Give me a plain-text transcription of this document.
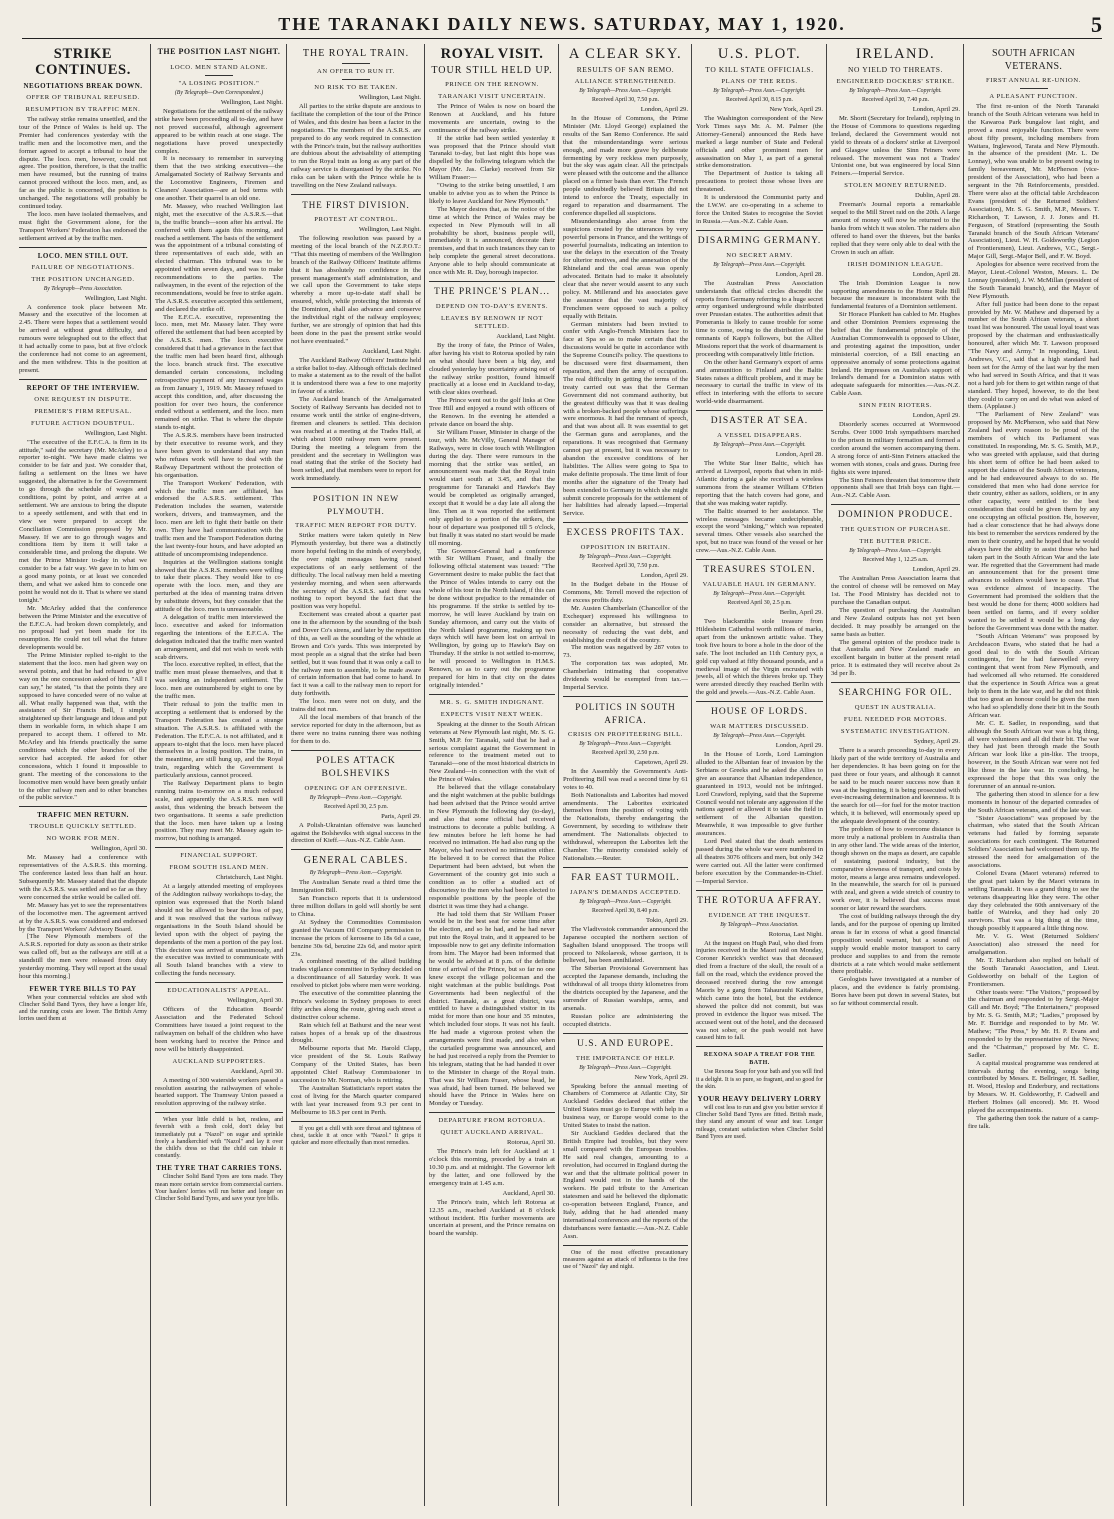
THE TARANAKI DAILY NEWS. SATURDAY, MAY 1, 1920.	5
STRIKE CONTINUES.
NEGOTIATIONS BREAK DOWN.
OFFER OF TRIBUNAL REFUSED.
RESUMPTION BY TRAFFIC MEN.

The railway strike remains unsettled, and the tour of the Prince of Wales is held up. The Premier had conferences yesterday with the traffic men and the locomotive men, and the former agreed to accept a tribunal to hear the dispute. The loco. men, however, could not agree. The position, therefore, is that the traffic men have resumed, but the running of trains cannot proceed without the loco. men, and, as far as the public is concerned, the position is unchanged. The negotiations will probably be continued today.

The loco. men have isolated themselves, and must fight the Government alone, for the Transport Workers' Federation has endorsed the settlement arrived at by the traffic men.

LOCO. MEN STILL OUT.
FAILURE OF NEGOTIATIONS.
THE POSITION UNCHANGED.
By Telegraph—Press Association.
Wellington, Last Night.

A conference took place between Mr. Massey and the executive of the locomen at 2.45. There were hopes that a settlement would be arrived at without great difficulty, and rumours were telegraphed out to the effect that it had actually come to pass, but at five o'clock the conference had not come to an agreement, and the men withdrew. This is the position at present.

REPORT OF THE INTERVIEW.
ONE REQUEST IN DISPUTE.
PREMIER'S FIRM REFUSAL.
FUTURE ACTION DOUBTFUL.
Wellington, Last Night.

"The executive of the E.F.C.A. is firm in its attitude," said the secretary (Mr. McArley) to a reporter to-night. "We have made claims we consider to be fair and just. We consider that, failing a settlement on the lines we have suggested, the alternative is for the Government to go through the schedule of wages and conditions, point by point, and arrive at a settlement. We are anxious to bring the dispute to a speedy settlement, and with that end in view we were prepared to accept the Conciliation Commission proposed by Mr. Massey. If we are to go through wages and conditions item by item it will take a considerable time, and prolong the dispute. We met the Prime Minister to-day in what we consider to be a fair way. We gave in to him on a good many points, or at least we conceded them, and what we asked him to concede one point he would not do it. That is where we stand tonight."

Mr. McArley added that the conference between the Prime Minister and the executive of the E.F.C.A. had broken down completely, and no proposal had yet been made for its resumption. He could not tell what the future developments would be.

The Prime Minister replied to-night to the statement that the loco. men had given way on several points, and that he had refused to give way on the one concession asked of him. "All I can say," he stated, "is that the points they are supposed to have conceded were of no value at all. What really happened was that, with the assistance of Sir Francis Bell, I simply straightened up their language and ideas and put them in workable form, in which shape I am prepared to accept them. I offered to Mr. McArley and his friends practically the same conditions which the other branches of the service had accepted. He asked for other concessions, which I found it impossible to grant. The meeting of the concessions to the locomotive men would have been greatly unfair to the other railway men and to other branches of the public service."

TRAFFIC MEN RETURN.
TROUBLE QUICKLY SETTLED.
NO WORK FOR MEN.
Wellington, April 30.

Mr. Massey had a conference with representatives of the A.S.R.S. this morning. The conference lasted less than half an hour. Subsequently Mr. Massey stated that the dispute with the A.S.R.S. was settled and so far as they were concerned the strike would be called off.

Mr. Massey has yet to see the representatives of the locomotive men. The agreement arrived at by the A.S.R.S. was considered and endorsed by the Transport Workers' Advisory Board.

[The New Plymouth members of the A.S.R.S. reported for duty as soon as their strike was called off, but as the railways are still at a standstill the men were released from duty yesterday morning. They will report at the usual hour this morning.]

FEWER TYRE BILLS TO PAY

When your commercial vehicles are shod with Clincher Solid Band Tyres, they have a longer life, and the running costs are lower. The British Army lorries used them at

THE POSITION LAST NIGHT.
LOCO. MEN STAND ALONE.
"A LOSING POSITION."
(By Telegraph—Own Correspondent.)
Wellington, Last Night.

Negotiations for the settlement of the railway strike have been proceeding all to-day, and have not proved successful, although agreement appeared to be within reach at one stage. The negotiations have proved unexpectedly complex.

It is necessary to remember in surveying them that the two striking executives—the Amalgamated Society of Railway Servants and the Locomotive Engineers, Firemen and Cleaners' Association—are at bed terms with one another. Their quarrel is an old one.

Mr. Massey, who reached Wellington last night, met the executive of the A.S.R.S.—that is, the traffic branch—soon after his arrival. He conferred with them again this morning, and reached a settlement. The basis of the settlement was the appointment of a tribunal consisting of three representatives of each side, with an elected chairman. This tribunal was to be appointed within seven days, and was to make recommendations to the parties. The railwaymen, in the event of the rejection of the recommendations, would be free to strike again. The A.S.R.S. executive accepted this settlement, and declared the strike off.

The E.F.C.A. executive, representing the loco. men, met Mr. Massey later. They were offered the settlement that had been accepted by the A.S.R.S. men. The loco. executive considered that it had a grievance in the fact that the traffic men had been heard first, although the loco. branch struck first. The executive demanded certain concessions, including retrospective payment of any increased wages as from January 1, 1919. Mr. Massey refused to accept this condition, and, after discussing the position for over two hours, the conference ended without a settlement, and the loco. men remained on strike. That is where the dispute stands to-night.

The A.S.R.S. members have been instructed by their executive to resume work, and they have been given to understand that any man who refuses work will have to deal with the Railway Department without the protection of his organisation.

The Transport Workers' Federation, with which the traffic men are affiliated, has endorsed the A.S.R.S. settlement. This Federation includes the seamen, waterside workers, drivers, and tramwaymen, and the loco. men are left to fight their battle on their own. They have had communication with the traffic men and the Transport Federation during the last twenty-four hours, and have adopted an attitude of uncompromising independence.

Inquiries at the Wellington stations tonight showed that the A.S.R.S. members were willing to take their places. They would like to co-operate with the loco. men, and they are perturbed at the idea of manning trains driven by substitute drivers, but they consider that the attitude of the loco. men is unreasonable.

A delegation of traffic men interviewed the loco. executive and asked for information regarding the intentions of the E.F.C.A. The delegation indicated that the traffic men wanted an arrangement, and did not wish to work with scab drivers.

The loco. executive replied, in effect, that the traffic men must please themselves, and that it was seeking an independent settlement. The loco. men are outnumbered by eight to one by the traffic men.

Their refusal to join the traffic men in accepting a settlement that is endorsed by the Transport Federation has created a strange situation. The A.S.R.S. is affiliated with the Federation. The E.F.C.A. is not affiliated, and it appears to-night that the loco. men have placed themselves in a losing position. The trains, in the meantime, are still hung up, and the Royal train, regarding which the Government is particularly anxious, cannot proceed.

The Railway Department plans to begin running trains to-morrow on a much reduced scale, and apparently the A.S.R.S. men will assist, thus widening the breach between the two organisations. It seems a safe prediction that the loco. men have taken up a losing position. They may meet Mr. Massey again to-morrow, but nothing is arranged.

FINANCIAL SUPPORT.
FROM SOUTH ISLAND MEN.
Christchurch, Last Night.

At a largely attended meeting of employees of the Addington railway workshops to-day, the opinion was expressed that the North Island should not be allowed to bear the loss of pay, and it was resolved that the various railway organisations in the South Island should be levied upon with the object of paying the dependants of the men a portion of the pay lost. This decision was arrived at unanimously, and the executive was invited to communicate with all South Island branches with a view to collecting the funds necessary.

EDUCATIONALISTS' APPEAL.
Wellington, April 30.

Officers of the Education Boards' Association and the Federated School Committees have issued a joint request to the railwaymen on behalf of the children who have been working hard to receive the Prince and now will be bitterly disappointed.

AUCKLAND SUPPORTERS.
Auckland, April 30.

A meeting of 300 waterside workers passed a resolution assuring the railwaymen of whole-hearted support. The Tramway Union passed a resolution approving of the railway strike.

When your little child is hot, restless, and feverish with a fresh cold, don't delay but immediately put a "Nazol" on sugar and sprinkle freely a handkerchief with "Nazol" and lay it over the child's dress so that the child can inhale it constantly.

THE TYRE THAT CARRIES TONS.

Clincher Solid Band Tyres are tons made. They mean more certain service from commercial carriers. Your haulers' lorries will run better and longer on Clincher Solid Band Tyres, and save your tyre bills.

THE ROYAL TRAIN.
AN OFFER TO RUN IT.
NO RISK TO BE TAKEN.
Wellington, Last Night.

All parties to the strike dispute are anxious to facilitate the completion of the tour of the Prince of Wales, and this desire has been a factor in the negotiations. The members of the A.S.R.S. are prepared to do any work required in connection with the Prince's train, but the railway authorities are dubious about the advisability of attempting to run the Royal train as long as any part of the railway service is disorganised by the strike. No risks can be taken with the Prince while he is travelling on the New Zealand railways.

THE FIRST DIVISION.
PROTEST AT CONTROL.
Wellington, Last Night.

The following resolution was passed by a meeting of the local branch of the N.Z.P.O.T.: "That this meeting of members of the Wellington branch of the Railway Officers' Institute affirms that it has absolutely no confidence in the present management's staff administration, and we call upon the Government to take steps whereby a more up-to-date staff shall be ensured, which, while protecting the interests of the Dominion, shall also advance and conserve the individual right of the railway employees; further, we are strongly of opinion that had this been done in the past the present strike would not have eventuated."

Auckland, Last Night.

The Auckland Railway Officers' Institute held a strike ballot to-day. Although officials declined to make a statement as to the result of the ballot it is understood there was a few to one majority in favour of a strike.

The Auckland branch of the Amalgamated Society of Railway Servants has decided not to resume work until the strike of engine-drivers, firemen and cleaners is settled. This decision was reached at a meeting at the Trades Hall, at which about 1000 railway men were present. During the meeting a telegram from the president and the secretary in Wellington was read stating that the strike of the Society had been settled, and that members were to report for work immediately.

POSITION IN NEW PLYMOUTH.
TRAFFIC MEN REPORT FOR DUTY.

Strike matters were taken quietly in New Plymouth yesterday, but there was a distinctly more hopeful feeling in the minds of everybody, the over night messages having raised expectations of an early settlement of the difficulty. The local railway men held a meeting yesterday morning, and when seen afterwards the secretary of the A.S.R.S. said there was nothing to report beyond the fact that the position was very hopeful.

Excitement was created about a quarter past one in the afternoon by the sounding of the bush and Dover Co's sirens, and later by the repetition of this, as well as the sounding of the whistle at Brown and Co's yards. This was interpreted by most people as a signal that the strike had been settled, but it was found that it was only a call to the railway men to assemble, to be made aware of certain information that had come to hand. In fact it was a call to the railway men to report for duty forthwith.

The loco. men were not on duty, and the trains did not run.

All the local members of that branch of the service reported for duty in the afternoon, but as there were no trains running there was nothing for them to do.

POLES ATTACK BOLSHEVIKS
OPENING OF AN OFFENSIVE.
By Telegraph—Press Assn.—Copyright.
Received April 30, 2.5 p.m.
Paris, April 29.

A Polish-Ukrainian offensive was launched against the Bolsheviks with signal success in the direction of Kieff.—Aus.-N.Z. Cable Assn.

GENERAL CABLES.
By Telegraph—Press Assn.—Copyright.

The Australian Senate read a third time the Immigration Bill.

San Francisco reports that it is understood three million dollars in gold will shortly be sent to China.

At Sydney the Commodities Commission granted the Vacuum Oil Company permission to increase the prices of kerosene to 18s 6d a case, benzine 30s 6d, benzine 22s 6d, and motor spirit 23s.

A combined meeting of the allied building trades vigilance committee in Sydney decided on a discontinuance of all Saturday work. It was resolved to picket jobs where men were working.

The executive of the committee planning the Prince's welcome in Sydney proposes to erect fifty arches along the route, giving each street a distinctive colour scheme.

Rain which fell at Bathurst and the near west raises hopes of a break up of the disastrous drought.

Melbourne reports that Mr. Harold Clapp, vice president of the St. Louis Railway Company of the United States, has been appointed Chief Railway Commissioner in succession to Mr. Norman, who is retiring.

The Australian Statistician's report states the cost of living for the March quarter compared with last year increased from 9.3 per cent in Melbourne to 18.3 per cent in Perth.

If you get a chill with sore throat and tightness of chest, tackle it at once with "Nazol." It grips it quicker and more effectually than most remedies.

ROYAL VISIT.
TOUR STILL HELD UP.
PRINCE ON THE RENOWN.
TARANAKI VISIT UNCERTAIN.

The Prince of Wales is now on board the Renown at Auckland, and his future movements are uncertain, owing to the continuance of the railway strike.

If the strike had been settled yesterday it was proposed that the Prince should visit Taranaki to-day, but last night this hope was dispelled by the following telegram which the Mayor (Mr. Jas. Clarke) received from Sir William Fraser:—

"Owing to the strike being unsettled, I am unable to advise you as to when the Prince is likely to leave Auckland for New Plymouth."

The Mayor desires that, as the notice of the time at which the Prince of Wales may be expected in New Plymouth will in all probability be short, business people will, immediately it is announced, decorate their premises, and that in such instances they can to help complete the general street decorations. Anyone able to help should communicate at once with Mr. R. Day, borough inspector.

THE PRINCE'S PLAN...
DEPEND ON TO-DAY'S EVENTS.
LEAVES BY RENOWN IF NOT SETTLED.
Auckland, Last Night.

By the irony of fate, the Prince of Wales, after having his visit to Rotorua spoiled by rain on what should have been a big day, and clouded yesterday by uncertainty arising out of the railway strike position, found himself practically at a loose end in Auckland to-day, with clear skies overhead.

The Prince went out to the golf links at One Tree Hill and enjoyed a round with officers of the Renown. In the evening he attended a private dance on board the ship.

Sir William Fraser, Minister in charge of the tour, with Mr. McVilly, General Manager of Railways, were in close touch with Wellington during the day. There were rumours in the morning that the strike was settled, an announcement was made that the Royal train would start south at 3.45, and that the programme for Taranaki and Hawke's Bay would be completed as originally arranged, except that it would be a day late all along the line. Then as it was reported the settlement only applied to a portion of the strikers, the hour of departure was postponed till 5 o'clock, but finally it was stated no start would be made till morning.

The Governor-General had a conference with Sir William Fraser, and finally the following official statement was issued: "The Government desire to make public the fact that the Prince of Wales intends to carry out the whole of his tour in the North Island, if this can be done without prejudice to the remainder of his programme. If the strike is settled by to-morrow, he will leave Auckland by train on Sunday afternoon, and carry out the visits of the North Island programme, making up two days which will have been lost on arrival in Wellington, by going up to Hawke's Bay on Thursday. If the strike is not settled to-morrow, he will proceed to Wellington in H.M.S. Renown, so as to carry out the programme prepared for him in that city on the dates originally intended."

MR. S. G. SMITH INDIGNANT.
EXPECTS VISIT NEXT WEEK.

Speaking at the dinner to the South African veterans at New Plymouth last night, Mr. S. G. Smith, M.P. for Taranaki, said that he had a serious complaint against the Government in reference to the treatment meted out to Taranaki—one of the most historical districts in New Zealand—in connection with the visit of the Prince of Wales.

He believed that the village constabulary and the night watchmen at the public buildings had been advised that the Prince would arrive in New Plymouth the following day (to-day), and also that some official had received instructions to decorate a public building. A few minutes before he left home he had received no intimation. He had also rung up the Mayor, who had received no intimation either. He believed it to be correct that the Police Department had been advised, but when the Government of the country got into such a condition as to offer a studied act of discourtesy to the men who had been elected to responsible positions by the people of the district it was time they had a change.

He had told them that Sir William Fraser would be in the best seat for some time after the election, and so he had, and he had never put into the Royal train, and it appeared to be impossible now to get any definite information from him. The Mayor had been informed that he would be advised at 8 p.m. of the definite time of arrival of the Prince, but so far no one knew except the village policeman and the night watchman at the public buildings. Post Governments had been neglectful of the district. Taranaki, as a great district, was entitled to have a distinguished visitor in its midst for more than one hour and 35 minutes, which included four stops. It was not his fault. He had made a vigorous protest when the arrangements were first made, and also when the curtailed programme was announced, and he had just received a reply from the Premier to his telegram, stating that he had handed it over to the Minister in charge of the Royal train. That was Sir William Fraser, whose head, he was afraid, had been turned. He believed we should have the Prince in Wales here on Monday or Tuesday.

DEPARTURE FROM ROTORUA.
QUIET AUCKLAND ARRIVAL.
Rotorua, April 30.

The Prince's train left for Auckland at 1 o'clock this morning, preceded by a train at 10.30 p.m. and at midnight. The Governor left by the latter, and one followed by the emergency train at 1.45 a.m.

Auckland, April 30.

The Prince's train, which left Rotorua at 12.35 a.m., reached Auckland at 8 o'clock without incident. His further movements are uncertain at present, and the Prince remains on board the warship.

A CLEAR SKY.
RESULTS OF SAN REMO.
ALLIANCE STRENGTHENED.
By Telegraph—Press Assn.—Copyright.
Received April 30, 7.50 p.m.
London, April 29.

In the House of Commons, the Prime Minister (Mr. Lloyd George) explained the results of the San Remo Conference. He said that the misunderstandings were serious enough, and made more grave by deliberate fermenting by very reckless men purposely, but the sky was again clear. All the principals were pleased with the outcome and the alliance placed on a firmer basis than ever. The French people undoubtedly believed Britain did not intend to enforce the Treaty, especially in regard to reparation and disarmament. The conference dispelled all suspicions.

Misunderstandings also arose from the suspicions created by the utterances by very powerful persons in France, and the writings of powerful journalists, indicating an intention to use the delays in the execution of the Treaty for ulterior motives, and the annexation of the Rhineland and the coal areas was openly advocated. Britain had to make it absolutely clear that she never would assent to any such policy. M. Millerand and his associates gave the assurance that the vast majority of Frenchmen were opposed to such a policy equally with Britain.

German ministers had been invited to confer with Anglo-French Ministers face to face at Spa so as to make certain that the discussions would be quite in accordance with the Supreme Council's policy. The questions to be discussed were first disarmament, then reparation, and then the army of occupation. The real difficulty in getting the terms of the treaty carried out was that the German Government did not command authority, but the greatest difficulty was that it was dealing with a broken-backed people whose sufferings were enormous. It had the remnant of speech, and that was about all. It was essential to get the German guns and aeroplanes, and the reparations. It was recognised that Germany cannot pay at present, but it was necessary to abandon the excessive conditions of her liabilities. The Allies were going to Spa to make definite proposals. The time limit of four months after the signature of the Treaty had been extended to Germany in which she might submit concrete proposals for the settlement of her liabilities had already lapsed.—Imperial Service.

EXCESS PROFITS TAX.
OPPOSITION IN BRITAIN.
By Telegraph—Press Assn.—Copyright.
Received April 30, 7.50 p.m.
London, April 29.

In the Budget debate in the House of Commons, Mr. Terrell moved the rejection of the excess profits duty.

Mr. Austen Chamberlain (Chancellor of the Exchequer) expressed his willingness to consider an alternative, but stressed the necessity of reducing the vast debt, and establishing the credit of the country.

The motion was negatived by 287 votes to 73.

The corporation tax was adopted, Mr. Chamberlain intimating that cooperative dividends would be exempted from tax.—Imperial Service.

POLITICS IN SOUTH AFRICA.
CRISIS ON PROFITEERING BILL.
By Telegraph—Press Assn.—Copyright.
Received April 30, 2.50 p.m.
Capetown, April 29.

In the Assembly the Government's Anti-Profiteering Bill was read a second time by 61 votes to 40.

Both Nationalists and Laborites had moved amendments. The Laborites extricated themselves from the position of voting with the Nationalists, thereby endangering the Government, by seceding to withdraw their amendment. The Nationalists objected to withdrawal, whereupon the Laborites left the Chamber. The minority consisted solely of Nationalists.—Reuter.

FAR EAST TURMOIL.
JAPAN'S DEMANDS ACCEPTED.
By Telegraph—Press Assn.—Copyright.
Received April 30, 8.40 p.m.
Tokio, April 29.

The Vladivostok commander announced the Japanese occupied the northern section of Saghalien Island unopposed. The troops will proceed to Nikolaevsk, whose garrison, it is believed, has been annihilated.

The Siberian Provisional Government has accepted the Japanese demands, including the withdrawal of all troops thirty kilometres from the districts occupied by the Japanese, and the surrender of Russian warships, arms, and arsenals.

Russian police are administering the occupied districts.

U.S. AND EUROPE.
THE IMPORTANCE OF HELP.
By Telegraph—Press Assn.—Copyright.
New York, April 29.

Speaking before the annual meeting of Chambers of Commerce at Atlantic City, Sir Auckland Geddes declared that either the United States must go to Europe with help in a business way, or Europe would come to the United States to insist the nation.

Sir Auckland Geddes declared that the British Empire had troubles, but they were small compared with the European troubles. He said real changes, amounting to a revolution, had occurred in England during the war and that the ultimate political power in England would rest in the hands of the workers. He paid tribute to the American statesmen and said he believed the diplomatic co-operation between England, France, and Italy, adding that he had attended many international conferences and the reports of the disturbances were fantastic.—Aus.-N.Z. Cable Assn.

One of the most effective precautionary measures against an attack of influenza is the free use of "Nazol" day and night.

U.S. PLOT.
TO KILL STATE OFFICIALS.
PLANS OF THE REDS.
By Telegraph—Press Assn.—Copyright.
Received April 30, 8.15 p.m.
New York, April 29.

The Washington correspondent of the New York Times says Mr. A. M. Palmer (the Attorney-General) announced the Reds have marked a large number of State and Federal officials and other prominent men for assassination on May 1, as part of a general strike demonstration.

The Department of Justice is taking all precautions to protect those whose lives are threatened.

It is understood the Communist party and the I.W.W. are co-operating in a scheme to force the United States to recognise the Soviet in Russia.—Aus.-N.Z. Cable Assn.

DISARMING GERMANY.
NO SECRET ARMY.
By Telegraph—Press Assn.—Copyright.
London, April 28.

The Australian Press Association understands that official circles discredit the reports from Germany referring to a huge secret army organised underground while distributed over Prussian estates. The authorities admit that Pomerania is likely to cause trouble for some time to come, owing to the distribution of the remnants of Kapp's followers, but the Allied Missions report that the work of disarmament is proceeding with comparatively little friction.

On the other hand Germany's export of arms and ammunition to Finland and the Baltic States raises a difficult problem, and it may be necessary to curtail the traffic in view of its effect in interfering with the efforts to secure world-wide disarmament.

DISASTER AT SEA.
A VESSEL DISAPPEARS.
By Telegraph—Press Assn.—Copyright.
London, April 28.

The White Star liner Baltic, which has arrived at Liverpool, reports that when in mid-Atlantic during a gale she received a wireless summons from the steamer William O'Brien reporting that the hatch covers had gone, and that she was making water rapidly.

The Baltic steamed to her assistance. The wireless messages became undecipherable, except the word "sinking," which was repeated several times. Other vessels also searched the spot, but no trace was found of the vessel or her crew.—Aus.-N.Z. Cable Assn.

TREASURES STOLEN.
VALUABLE HAUL IN GERMANY.
By Telegraph—Press Assn.—Copyright.
Received April 30, 2.5 p.m.
Berlin, April 29.

Two blacksmiths stole treasure from Hildesheim Cathedral worth millions of marks, apart from the unknown artistic value. They took five hours to bore a hole in the door of the safe. The loot included an 11th Century pyx, a gold cup valued at fifty thousand pounds, and a medieval image of the Virgin encrusted with jewels, all of which the thieves broke up. They were arrested directly they reached Berlin with the gold and jewels.—Aus.-N.Z. Cable Assn.

HOUSE OF LORDS.
WAR MATTERS DISCUSSED.
By Telegraph—Press Assn.—Copyright.
London, April 29.

In the House of Lords, Lord Lamington alluded to the Albanian fear of invasion by the Serbians or Greeks and he asked the Allies to give an assurance that Albanian independence, guaranteed in 1913, would not be infringed. Lord Crawford, replying, said that the Supreme Council would not tolerate any aggression if the nations agreed or allowed it to take the field in settlement of the Albanian question. Meanwhile, it was impossible to give further assurances.

Lord Peel stated that the death sentences passed during the whole war were numbered in all theatres 3076 officers and men, but only 342 were carried out. All the latter were confirmed before execution by the Commander-in-Chief.—Imperial Service.

THE ROTORUA AFFRAY.
EVIDENCE AT THE INQUEST.
By Telegraph—Press Association.
Rotorua, Last Night.

At the inquest on Hugh Paul, who died from injuries received in the Maori raid on Monday, Coroner Kenrick's verdict was that deceased died from a fracture of the skull, the result of a fall on the road, which the evidence proved the deceased received during the row amongst Maoris by a gang from Tahaurauhi Kaitahere, which came into the hotel, but the evidence showed the police did not commit, but was proved in evidence the liquor was mixed. The accused went out of the hotel, and the deceased was not sober, or the push would not have caused him to fall.

REXONA SOAP A TREAT FOR THE BATH.

Use Rexona Soap for your bath and you will find it a delight. It is so pure, so fragrant, and so good for the skin.

YOUR HEAVY DELIVERY LORRY

will cost less to run and give you better service if Clincher Solid Band Tyres are fitted. British made, they stand any amount of wear and tear. Longer mileage, constant satisfaction when Clincher Solid Band Tyres are used.

IRELAND.
NO YIELD TO THREATS.
ENGINEERED DOCKERS' STRIKE.
By Telegraph—Press Assn.—Copyright.
Received April 30, 7.40 p.m.
London, April 29.

Mr. Shortt (Secretary for Ireland), replying in the House of Commons to questions regarding Ireland, declared the Government would not yield to threats of a dockers' strike at Liverpool and Glasgow unless the Sinn Feiners were released. The movement was not a Trades' Unionist one, but was engineered by local Sinn Feiners.—Imperial Service.

STOLEN MONEY RETURNED.
Dublin, April 28.

Freeman's Journal reports a remarkable sequel to the Mill Street raid on the 20th. A large amount of money will now be returned to the banks from which it was stolen. The raiders also offered to hand over the thieves, but the banks replied that they were only able to deal with the Crown in such an affair.

IRISH DOMINION LEAGUE.
London, April 28.

The Irish Dominion League is now supporting amendments to the Home Rule Bill because the measure is inconsistent with the fundamental features of a Dominion settlement.

Sir Horace Plunkett has cabled to Mr. Hughes and other Dominion Premiers expressing the belief that the fundamental principle of the Australian Commonwealth is opposed to Ulster, and protesting against the imposition, under ministerial coercion, of a Bill enacting an oppressive anomaly of some protections against Ireland. He impresses on Australia's support of Ireland's demand for a Dominion status with adequate safeguards for minorities.—Aus.-N.Z. Cable Assn.

SINN FEIN RIOTERS.
London, April 29.

Disorderly scenes occurred at Wormwood Scrubs. Over 1000 Irish sympathisers marched to the prison in military formation and formed a cordon around the women accompanying them. A strong force of anti-Sinn Feiners attacked the women with stones, coals and grass. During free fights six were injured.

The Sinn Feiners threaten that tomorrow their opponents shall see that Irish boys can fight.—Aus.-N.Z. Cable Assn.

DOMINION PRODUCE.
THE QUESTION OF PURCHASE.
THE BUTTER PRICE.
By Telegraph—Press Assn.—Copyright.
Received May 1, 12.25 a.m.
London, April 29.

The Australian Press Association learns that the control of cheese will be removed on May 1st. The Food Ministry has decided not to purchase the Canadian output.

The question of purchasing the Australian and New Zealand outputs has not yet been decided. It may possibly be arranged on the same basis as butter.

The general opinion of the produce trade is that Australia and New Zealand made an excellent bargain in butter at the present retail price. It is estimated they will receive about 2s 3d per lb.

SEARCHING FOR OIL.
QUEST IN AUSTRALIA.
FUEL NEEDED FOR MOTORS.
SYSTEMATIC INVESTIGATION.
Sydney, April 29.

There is a search proceeding to-day in every likely part of the wide territory of Australia and her dependencies. It has been going on for the past three or four years, and although it cannot be said to be much nearer success now than it was at the beginning, it is being prosecuted with ever-increasing determination and keenness. It is the search for oil—for fuel for the motor traction which, it is believed, will enormously speed up the adequate development of the country.

The problem of how to overcome distance is more truly a national problem in Australia than in any other land. The wide areas of the interior, though shown on the maps as desert, are capable of sustaining pastoral industry, but the comparative slowness of transport, and costs by motor, means a large area remains undeveloped. In the meanwhile, the search for oil is pursued with zeal, and given a wide stretch of country to work over, it is believed that success must sooner or later reward the searchers.

The cost of building railways through the dry lands, and for the purpose of opening up limited areas is far in excess of what a good financial proposition would warrant, but a sound oil supply would enable motor transport to carry produce and supplies to and from the remote districts at a rate which would make settlement there profitable.

Geologists have investigated at a number of places, and the evidence is fairly promising. Bores have been put down in several States, but so far without commercial result.

SOUTH AFRICAN VETERANS.
FIRST ANNUAL RE-UNION.
A PLEASANT FUNCTION.

The first re-union of the North Taranaki branch of the South African veterans was held in the Kawaroa Park bungalow last night, and proved a most enjoyable function. There were about fifty present, including members from Waitara, Inglewood, Tarata and New Plymouth. In the absence of the president (Mr. L. De Lonnay), who was unable to be present owing to family bereavement, Mr. McPherson (vice-president of the Association), who had been a sergeant in the 7th Reinforcements, presided. There were also at the official table Archdeacon Evans (president of the Returned Soldiers' Association), Mr. S. G. Smith, M.P., Messrs. T. Richardson, T. Lawson, J. J. Jones and H. Ferguson, of Stratford (representing the South Taranaki branch of the South African Veterans' Association), Lieut. W. H. Goldsworthy (Legion of Frontiersmen), Lieut. Andrews, V.C., Sergt.-Major Gill, Sergt.-Major Bell, and F. W. Boyd.

Apologies for absence were received from the Mayor, Lieut.-Colonel Weston, Messrs. L. De Lonnay (president), J. W. McMillan (president of the South Taranaki branch), and the Mayor of New Plymouth.

After full justice had been done to the repast provided by Mr. W. Mathew and dispersed by a number of the South African veterans, a short toast list was honoured. The usual loyal toast was proposed by the chairman and enthusiastically honoured, after which Mr. T. Lawson proposed "The Navy and Army." In responding, Lieut. Andrews, V.C., said that a high standard had been set for the Army of the last war by the men who had served in South Africa, and that it was not a hard job for them to get within range of that standard. They hoped, however, to do the best they could to carry on and do what was asked of them. (Applause.)

"The Parliament of New Zealand" was proposed by Mr. McPherson, who said that New Zealand had every reason to be proud of the members of which its Parliament was constituted. In responding, Mr. S. G. Smith, M.P., who was greeted with applause, said that during his short term of office he had been asked to support the claims of the South African veterans, and he had endeavoured always to do so. He considered that men who had done service for their country, either as sailors, soldiers, or in any other capacity, were entitled to the best consideration that could be given them by any one occupying an official position. He, however, had a clear conscience that he had always done his best to remember the services rendered by the men to their country, and he hoped that he would always have the ability to assist those who had taken part in the South African War and the late war. He regretted that the Government had made an announcement that for the present time advances to soldiers would have to cease. That was evidence almost of incapacity. The Government had promised the soldiers that the best would be done for them; 4000 soldiers had been settled on farms, and if every soldier wanted to be settled it would be a long day before the Government was done with the matter.

"South African Veterans" was proposed by Archdeacon Evans, who stated that he had a good deal to do with the South African contingents, for he had farewelled every contingent that went from New Plymouth, and had welcomed all who returned. He considered that the experience in South Africa was a great help to them in the late war, and he did not think that too great an honour could be given the men who had so splendidly done their bit in the South African war.

Mr. C. E. Sadler, in responding, said that although the South African war was a big thing, all were volunteers and all did their bit. The war they had just been through made the South African war look like a pin-like. The troops, however, in the South African war were not fed like those in the late war. In concluding, he expressed the hope that this was only the forerunner of an annual re-union.

The gathering then stood in silence for a few moments in honour of the departed comrades of the South African veterans, and of the late war.

"Sister Associations" was proposed by the chairman, who stated that the South African veterans had failed by forming separate associations for each contingent. The Returned Soldiers' Association had welcomed them up. He stressed the need for amalgamation of the associations.

Colonel Evans (Maori veterans) referred to the great part taken by the Maori veterans in settling Taranaki. It was a grand thing to see the veterans disappearing like they were. The other day they celebrated the 60th anniversary of the battle of Waireka, and they had only 20 survivors. That was a big thing at the time, though possibly it appeared a little thing now.

Mr. V. G. West (Returned Soldiers' Association) also stressed the need for amalgamation.

Mr. T. Richardson also replied on behalf of the South Taranaki Association, and Lieut. Goldsworthy on behalf of the Legion of Frontiersmen.

Other toasts were: "The Visitors," proposed by the chairman and responded to by Sergt.-Major Gill and Mr. Boyd; "The Entertainers," proposed by Mr. S. G. Smith, M.P.; "Ladies," proposed by Mr. F. Burridge and responded to by Mr. W. Mathew; "The Press," by Mr. H. P. Evans and responded to by the representative of the News; and the "Chairman," proposed by Mr. C. E. Sadler.

A capital musical programme was rendered at intervals during the evening, songs being contributed by Messrs. E. Bellringer, H. Sadlier, H. Wood, Heslop and Enderbury, and recitations by Messrs. W. H. Goldsworthy, F. Cadwell and Herbert Holmes (all encored). Mr. H. Wood played the accompaniments.

The gathering then took the nature of a camp-fire talk.
